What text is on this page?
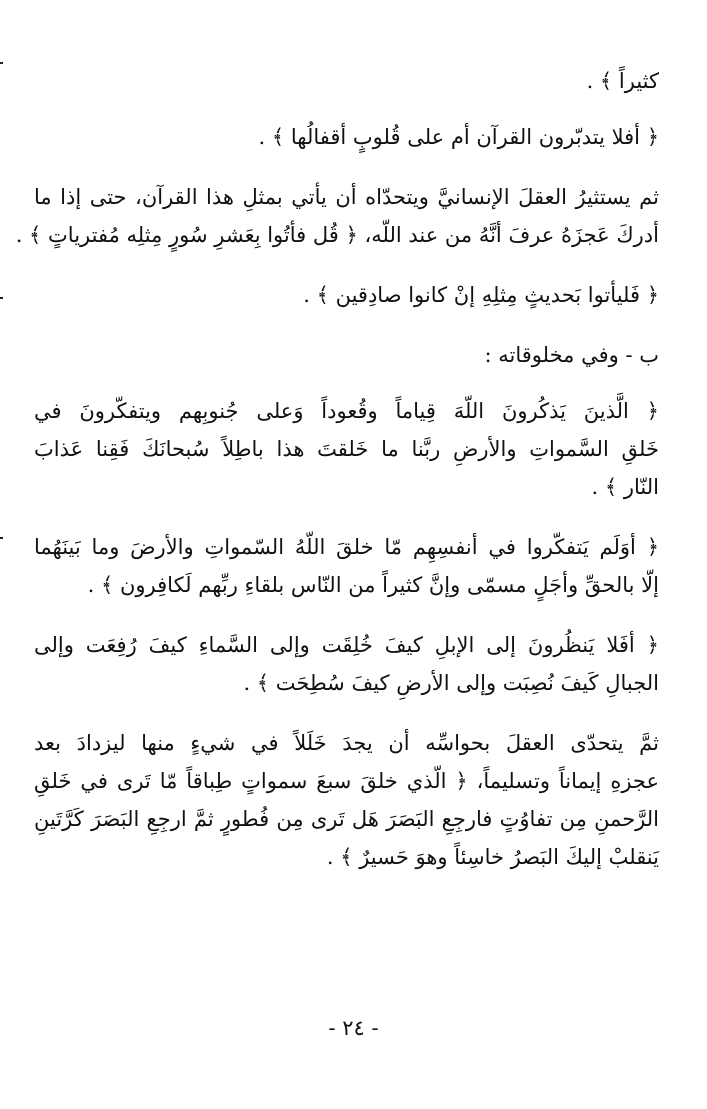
كثيراً ﴾ .
﴿ أفلا يتدبّرون القرآن أم على قُلوبٍ أقفالُها ﴾ .
ثم يستثيرُ العقلَ الإنسانيَّ ويتحدّاه أن يأتي بمثلِ هذا القرآن، حتى إذا ما
أدركَ عَجزَهُ عرفَ أنَّهُ من عند اللّه، ﴿ قُل فأتُوا بِعَشرِ سُورٍ مِثلِه مُفترياتٍ ﴾ .
﴿ فَليأتوا بَحديثٍ مِثلِهِ إنْ كانوا صادِقين ﴾ .
ب - وفي مخلوقاته :
﴿ الَّذينَ يَذكُرونَ اللّهَ قِياماً وقُعوداً وَعلى جُنوبِهم ويتفكّرونَ في
خَلقِ السَّمواتِ والأرضِ ربَّنا ما خَلقتَ هذا باطِلاً سُبحانَكَ فَقِنا عَذابَ
النّار ﴾ .
﴿ أوَلَم يَتفكّروا في أنفسِهِم مّا خلقَ اللّهُ السّمواتِ والأرضَ وما بَينَهُما
إلّا بالحقِّ وأجَلٍ مسمّى وإنَّ كثيراً من النّاس بلقاءِ ربِّهم لَكافِرون ﴾ .
﴿ أفَلا يَنظُرونَ إلى الإبلِ كيفَ خُلِقَت وإلى السَّماءِ كيفَ رُفِعَت وإلى
الجبالِ كَيفَ نُصِبَت وإلى الأرضِ كيفَ سُطِحَت ﴾ .
ثمَّ يتحدّى العقلَ بحواسِّه أن يجدَ خَلَلاً في شيءٍ منها ليزدادَ بعد
عجزهِ إيماناً وتسليماً، ﴿ الّذي خلقَ سبعَ سمواتٍ طِباقاً مّا تَرى في خَلقِ
الرَّحمنِ مِن تفاوُتٍ فارجِعِ البَصَرَ هَل تَرى مِن فُطورٍ ثمَّ ارجِعِ البَصَرَ كَرَّتَينِ
يَنقلبْ إليكَ البَصرُ خاسِئاً وهوَ حَسيرٌ ﴾ .
- ٢٤ -
